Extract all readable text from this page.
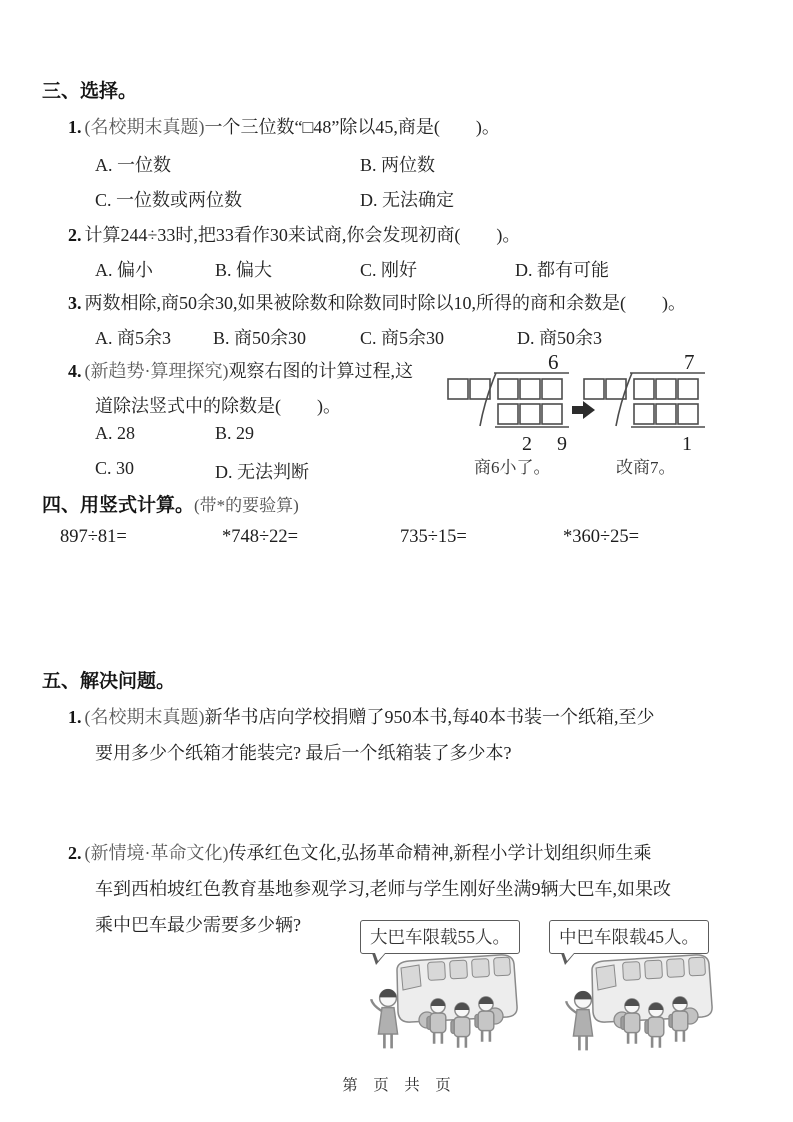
三、选择。
1. (名校期末真题)一个三位数“□48”除以45,商是(　　)。
A. 一位数	B. 两位数
C. 一位数或两位数	D. 无法确定
2. 计算244÷33时,把33看作30来试商,你会发现初商(　　)。
A. 偏小	B. 偏大	C. 刚好	D. 都有可能
3. 两数相除,商50余30,如果被除数和除数同时除以10,所得的商和余数是(　　)。
A. 商5余3 B. 商50余30	C. 商5余30	D. 商50余3
4. (新趋势·算理探究)观察右图的计算过程,这
道除法竖式中的除数是(　　)。
A. 28	B. 29
C. 30	D. 无法判断
6
2 9
商6小了。
7
1
改商7。
四、用竖式计算。(带*的要验算)
897÷81=	*748÷22=	735÷15=	*360÷25=
五、解决问题。
1. (名校期末真题)新华书店向学校捐赠了950本书,每40本书装一个纸箱,至少
要用多少个纸箱才能装完? 最后一个纸箱装了多少本?
2. (新情境·革命文化)传承红色文化,弘扬革命精神,新程小学计划组织师生乘
车到西柏坡红色教育基地参观学习,老师与学生刚好坐满9辆大巴车,如果改
乘中巴车最少需要多少辆?
大巴车限载55人。	中巴车限载45人。
第　页　共　页
